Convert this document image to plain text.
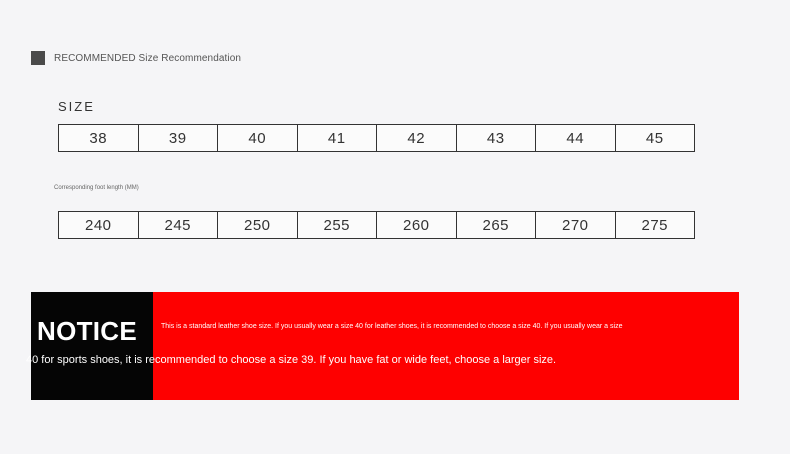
RECOMMENDED Size Recommendation
SIZE
38	39	40	41	42	43	44	45
Corresponding foot length (MM)
240	245	250	255	260	265	270	275
NOTICE	This is a standard leather shoe size. If you usually wear a size 40 for leather shoes, it is recommended to choose a size 40. If you usually wear a size
40 for sports shoes, it is recommended to choose a size 39. If you have fat or wide feet, choose a larger size.
